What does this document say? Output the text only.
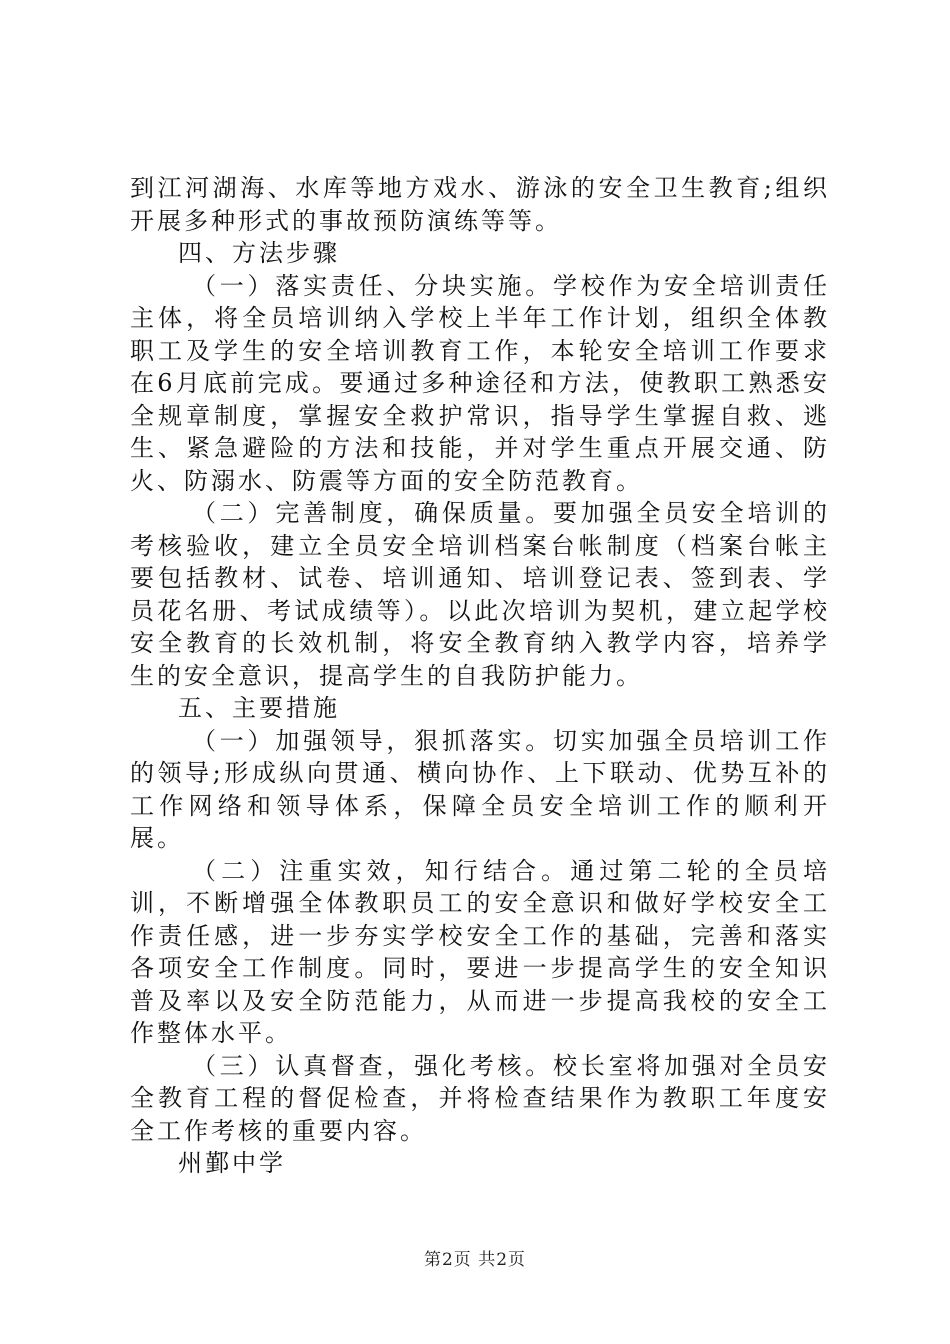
到江河湖海、水库等地方戏水、游泳的安全卫生教育;组织开展多种形式的事故预防演练等等。

四、方法步骤

（一）落实责任、分块实施。学校作为安全培训责任主体，将全员培训纳入学校上半年工作计划，组织全体教职工及学生的安全培训教育工作，本轮安全培训工作要求在6月底前完成。要通过多种途径和方法，使教职工熟悉安全规章制度，掌握安全救护常识，指导学生掌握自救、逃生、紧急避险的方法和技能，并对学生重点开展交通、防火、防溺水、防震等方面的安全防范教育。

（二）完善制度，确保质量。要加强全员安全培训的考核验收，建立全员安全培训档案台帐制度（档案台帐主要包括教材、试卷、培训通知、培训登记表、签到表、学员花名册、考试成绩等）。以此次培训为契机，建立起学校安全教育的长效机制，将安全教育纳入教学内容，培养学生的安全意识，提高学生的自我防护能力。

五、主要措施

（一）加强领导，狠抓落实。切实加强全员培训工作的领导;形成纵向贯通、横向协作、上下联动、优势互补的工作网络和领导体系，保障全员安全培训工作的顺利开展。

（二）注重实效，知行结合。通过第二轮的全员培训，不断增强全体教职员工的安全意识和做好学校安全工作责任感，进一步夯实学校安全工作的基础，完善和落实各项安全工作制度。同时，要进一步提高学生的安全知识普及率以及安全防范能力，从而进一步提高我校的安全工作整体水平。

（三）认真督查，强化考核。校长室将加强对全员安全教育工程的督促检查，并将检查结果作为教职工年度安全工作考核的重要内容。

州鄞中学

第2页 共2页
